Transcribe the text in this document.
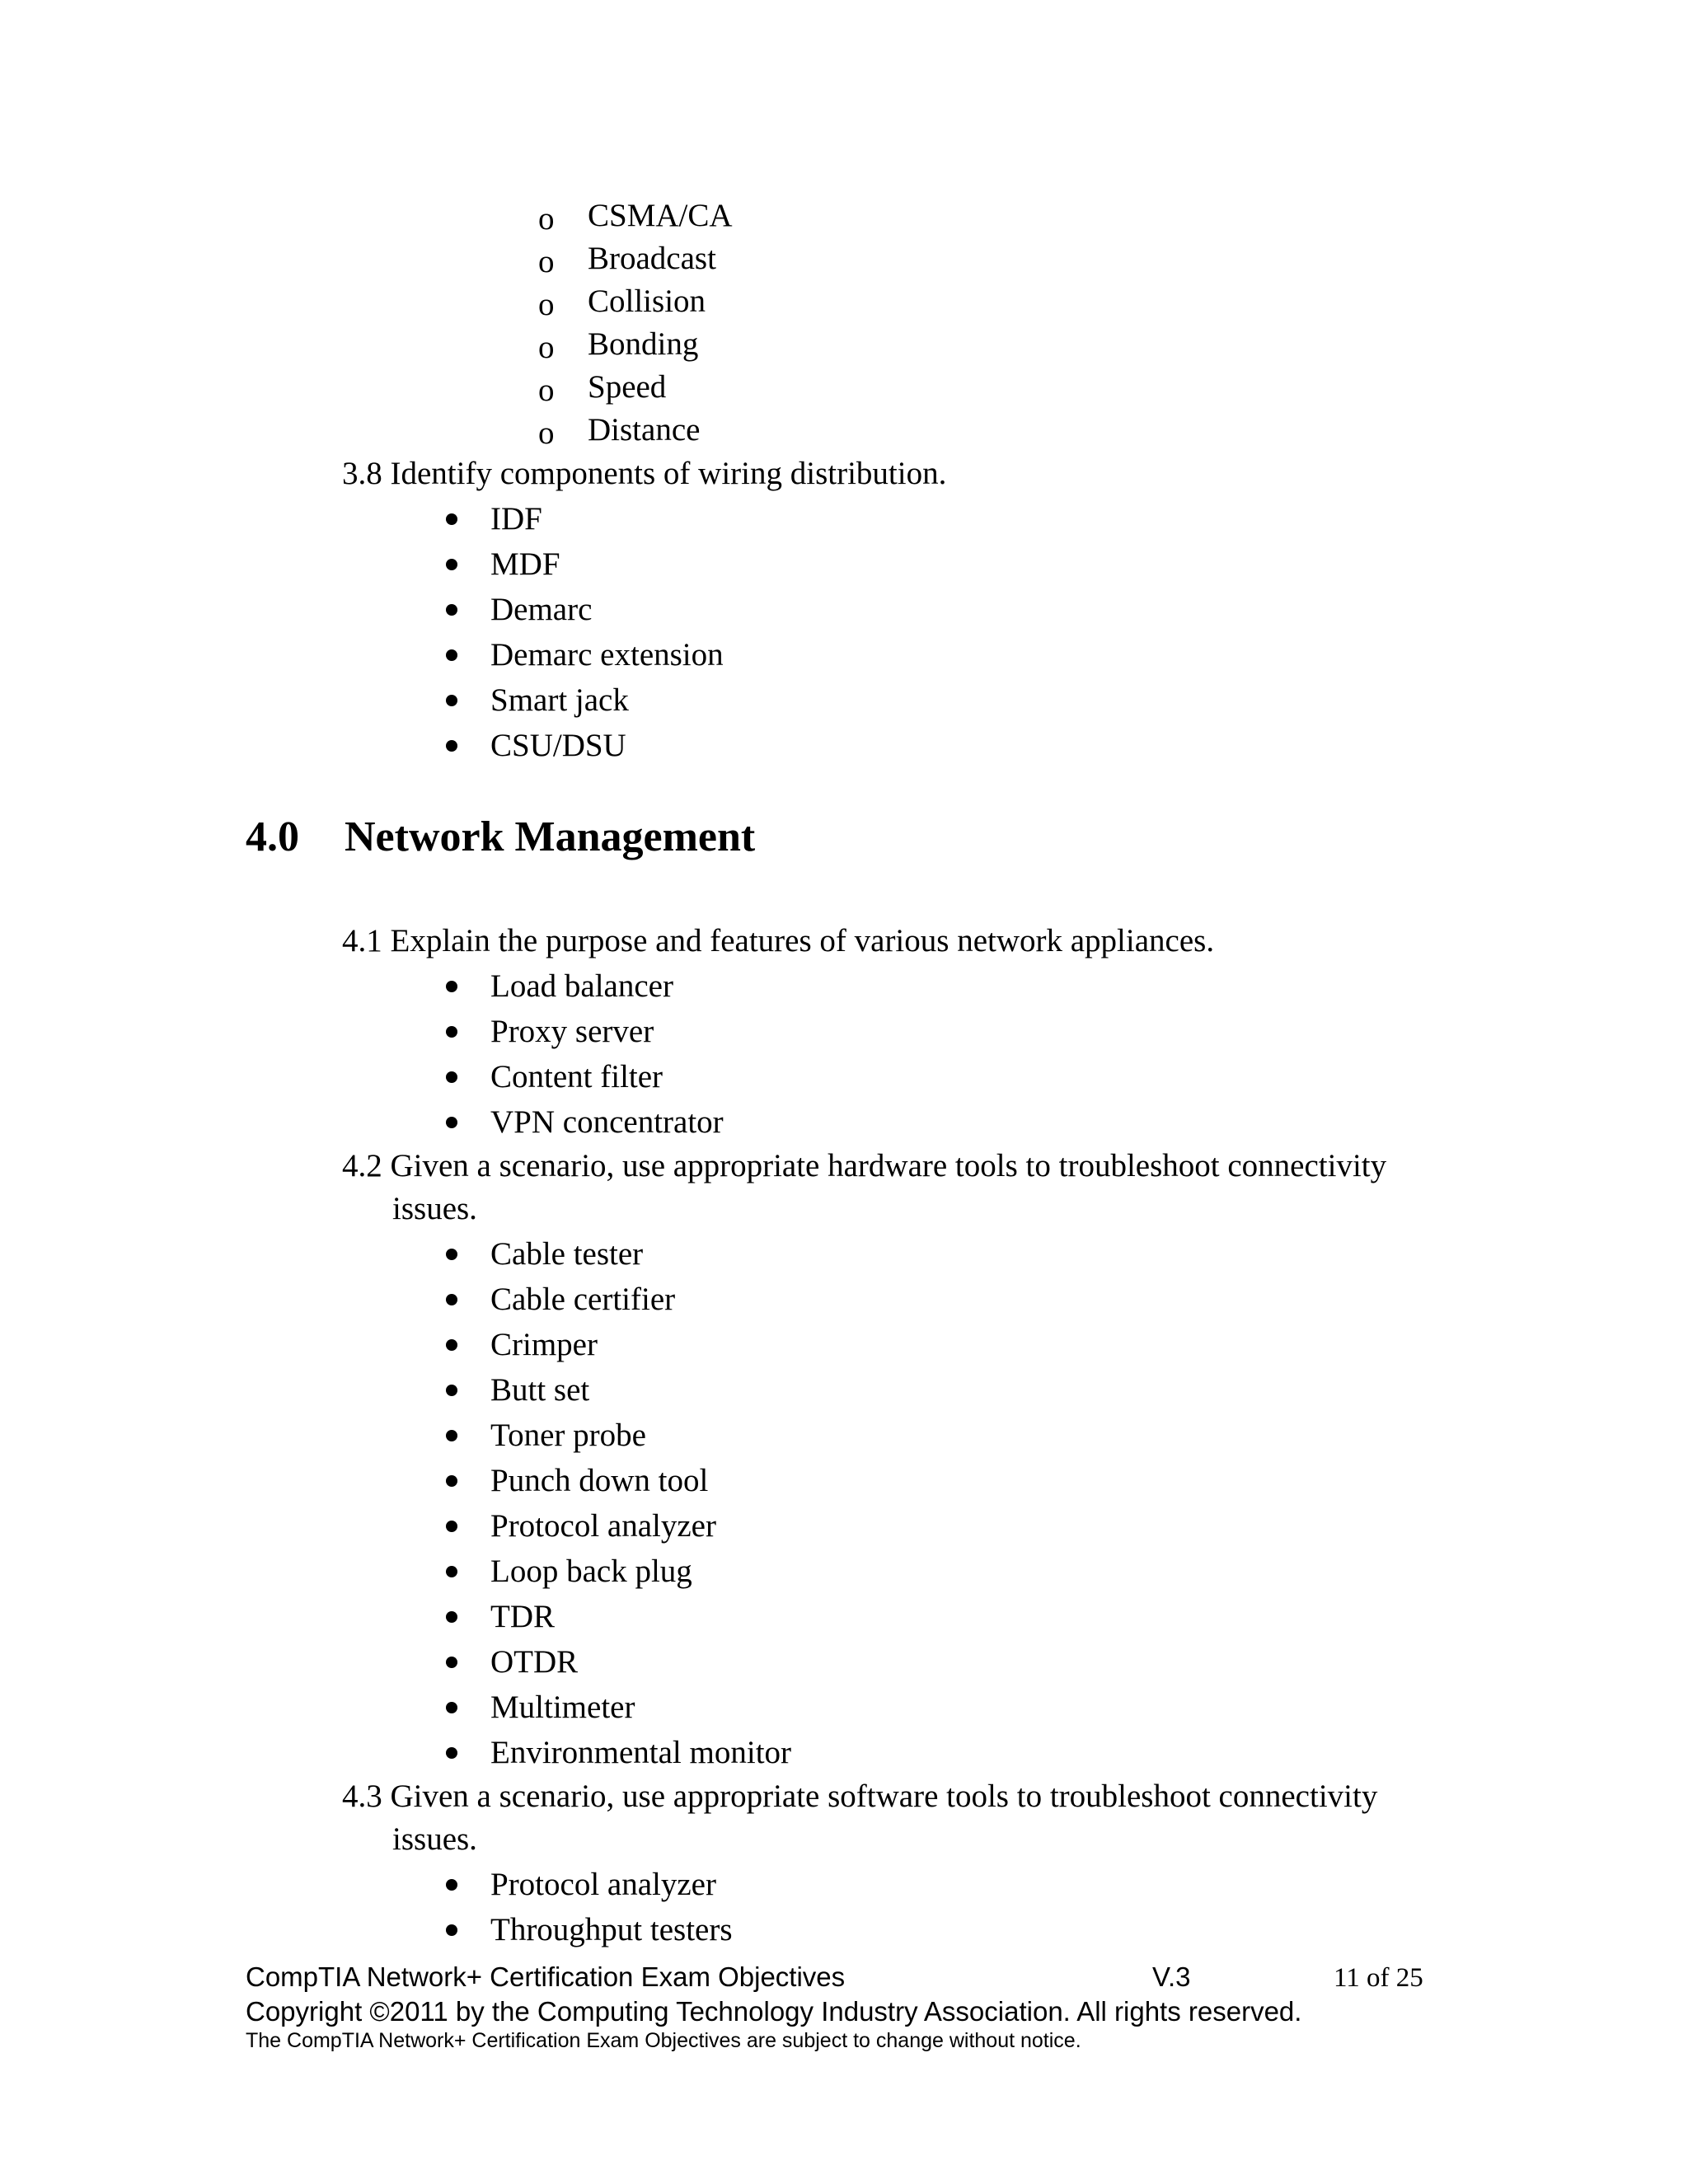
o CSMA/CA
o Broadcast
o Collision
o Bonding
o Speed
o Distance
3.8 Identify components of wiring distribution.
IDF
MDF
Demarc
Demarc extension
Smart jack
CSU/DSU
4.0 Network Management
4.1 Explain the purpose and features of various network appliances.
Load balancer
Proxy server
Content filter
VPN concentrator
4.2 Given a scenario, use appropriate hardware tools to troubleshoot connectivity
issues.
Cable tester
Cable certifier
Crimper
Butt set
Toner probe
Punch down tool
Protocol analyzer
Loop back plug
TDR
OTDR
Multimeter
Environmental monitor
4.3 Given a scenario, use appropriate software tools to troubleshoot connectivity
issues.
Protocol analyzer
Throughput testers
CompTIA Network+ Certification Exam Objectives	V.3	11 of 25
Copyright ©2011 by the Computing Technology Industry Association. All rights reserved.
The CompTIA Network+ Certification Exam Objectives are subject to change without notice.
